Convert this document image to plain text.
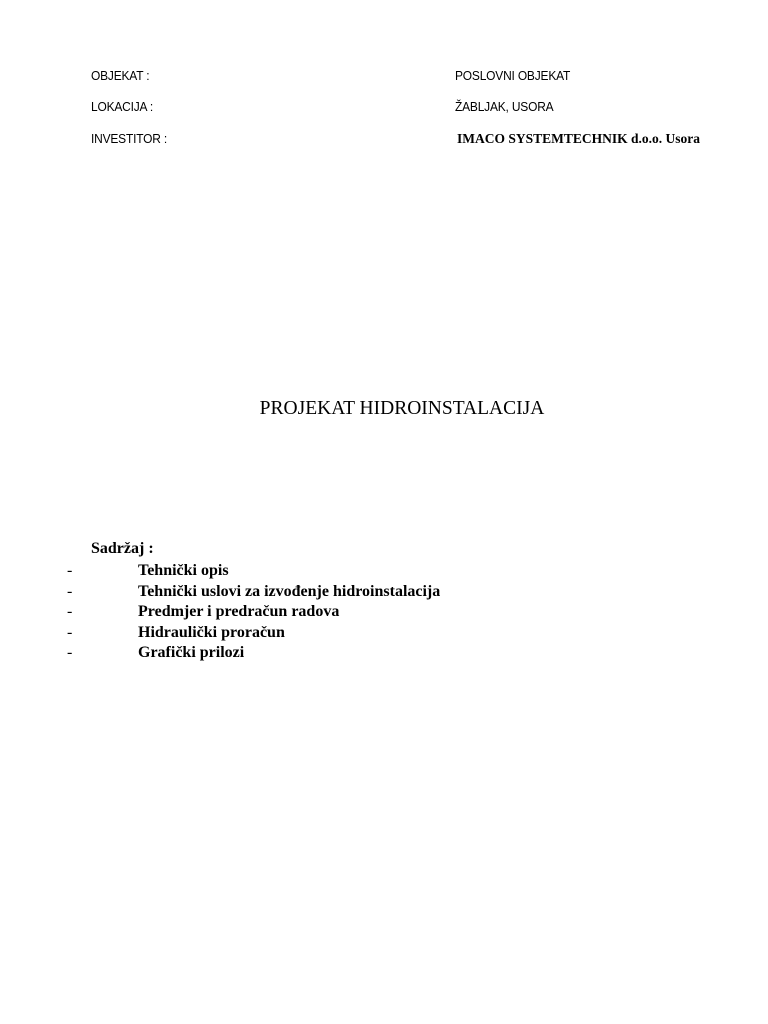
OBJEKAT :	POSLOVNI OBJEKAT
LOKACIJA :	ŽABLJAK, USORA
INVESTITOR :	IMACO SYSTEMTECHNIK d.o.o. Usora
PROJEKAT HIDROINSTALACIJA
Sadržaj :
-	Tehnički opis
-	Tehnički uslovi za izvođenje hidroinstalacija
-	Predmjer i predračun radova
-	Hidraulički proračun
-	Grafički prilozi
